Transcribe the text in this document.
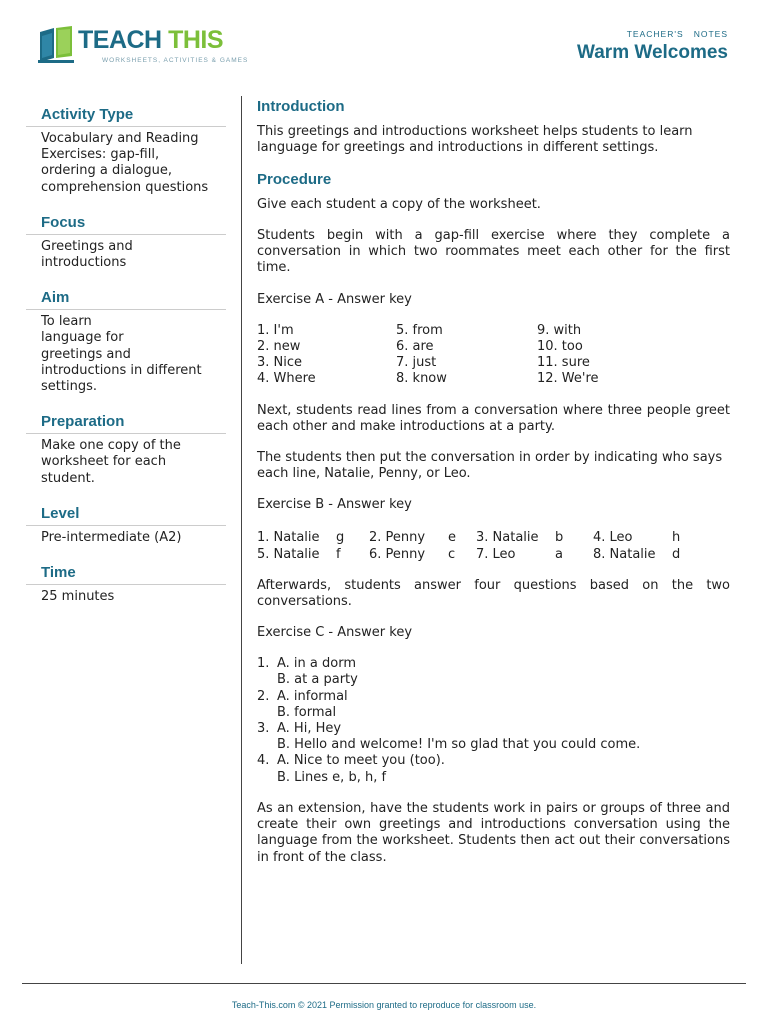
TEACH THIS
WORKSHEETS, ACTIVITIES & GAMES
TEACHER'S   NOTES
Warm Welcomes
Activity Type
Vocabulary and Reading
Exercises: gap-fill,
ordering a dialogue,
comprehension questions
Focus
Greetings and
introductions
Aim
To learn
language for
greetings and
introductions in different
settings.
Preparation
Make one copy of the
worksheet for each
student.
Level
Pre-intermediate (A2)
Time
25 minutes
Introduction
This greetings and introductions worksheet helps students to learn
language for greetings and introductions in different settings.
Procedure
Give each student a copy of the worksheet.
Students begin with a gap-fill exercise where they complete a conversation in which two roommates meet each other for the first time.
Exercise A - Answer key
1. I'm	5. from	9. with
2. new	6. are	10. too
3. Nice	7. just	11. sure
4. Where	8. know	12. We're
Next, students read lines from a conversation where three people greet each other and make introductions at a party.
The students then put the conversation in order by indicating who says each line, Natalie, Penny, or Leo.
Exercise B - Answer key
1. Natalie	g 2. Penny	e 3. Natalie	b 4. Leo	h
5. Natalie	f 6. Penny	c 7. Leo	a 8. Natalie	d
Afterwards, students answer four questions based on the two conversations.
Exercise C - Answer key
1. A. in a dorm
B. at a party
2. A. informal
B. formal
3. A. Hi, Hey
B. Hello and welcome! I'm so glad that you could come.
4. A. Nice to meet you (too).
B. Lines e, b, h, f
As an extension, have the students work in pairs or groups of three and create their own greetings and introductions conversation using the language from the worksheet. Students then act out their conversations in front of the class.
Teach-This.com © 2021 Permission granted to reproduce for classroom use.
